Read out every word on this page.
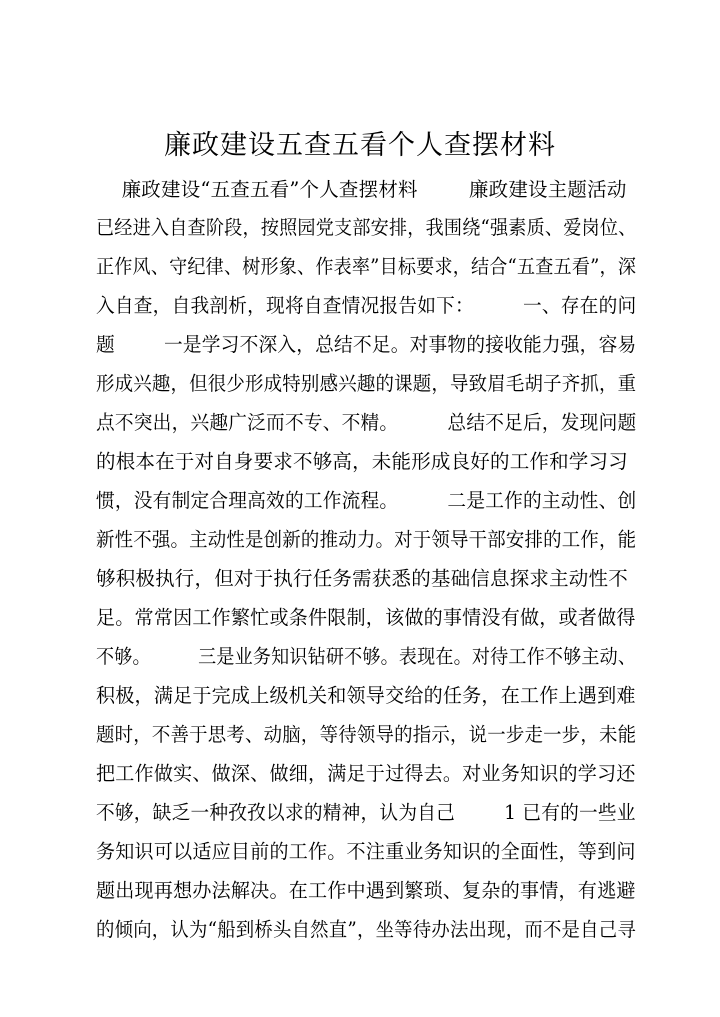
廉政建设五查五看个人查摆材料
廉政建设“五查五看”个人查摆材料        廉政建设主题活动
已经进入自查阶段，按照园党支部安排，我围绕“强素质、爱岗位、
正作风、守纪律、树形象、作表率”目标要求，结合“五查五看”，深
入自查，自我剖析，现将自查情况报告如下：        一、存在的问
题        一是学习不深入，总结不足。对事物的接收能力强，容易
形成兴趣，但很少形成特别感兴趣的课题，导致眉毛胡子齐抓，重
点不突出，兴趣广泛而不专、不精。        总结不足后，发现问题
的根本在于对自身要求不够高，未能形成良好的工作和学习习
惯，没有制定合理高效的工作流程。        二是工作的主动性、创
新性不强。主动性是创新的推动力。对于领导干部安排的工作，能
够积极执行，但对于执行任务需获悉的基础信息探求主动性不
足。常常因工作繁忙或条件限制，该做的事情没有做，或者做得
不够。        三是业务知识钻研不够。表现在。对待工作不够主动、
积极，满足于完成上级机关和领导交给的任务，在工作上遇到难
题时，不善于思考、动脑，等待领导的指示，说一步走一步，未能
把工作做实、做深、做细，满足于过得去。对业务知识的学习还
不够，缺乏一种孜孜以求的精神，认为自己        1 已有的一些业
务知识可以适应目前的工作。不注重业务知识的全面性，等到问
题出现再想办法解决。在工作中遇到繁琐、复杂的事情，有逃避
的倾向，认为“船到桥头自然直”，坐等待办法出现，而不是自己寻
